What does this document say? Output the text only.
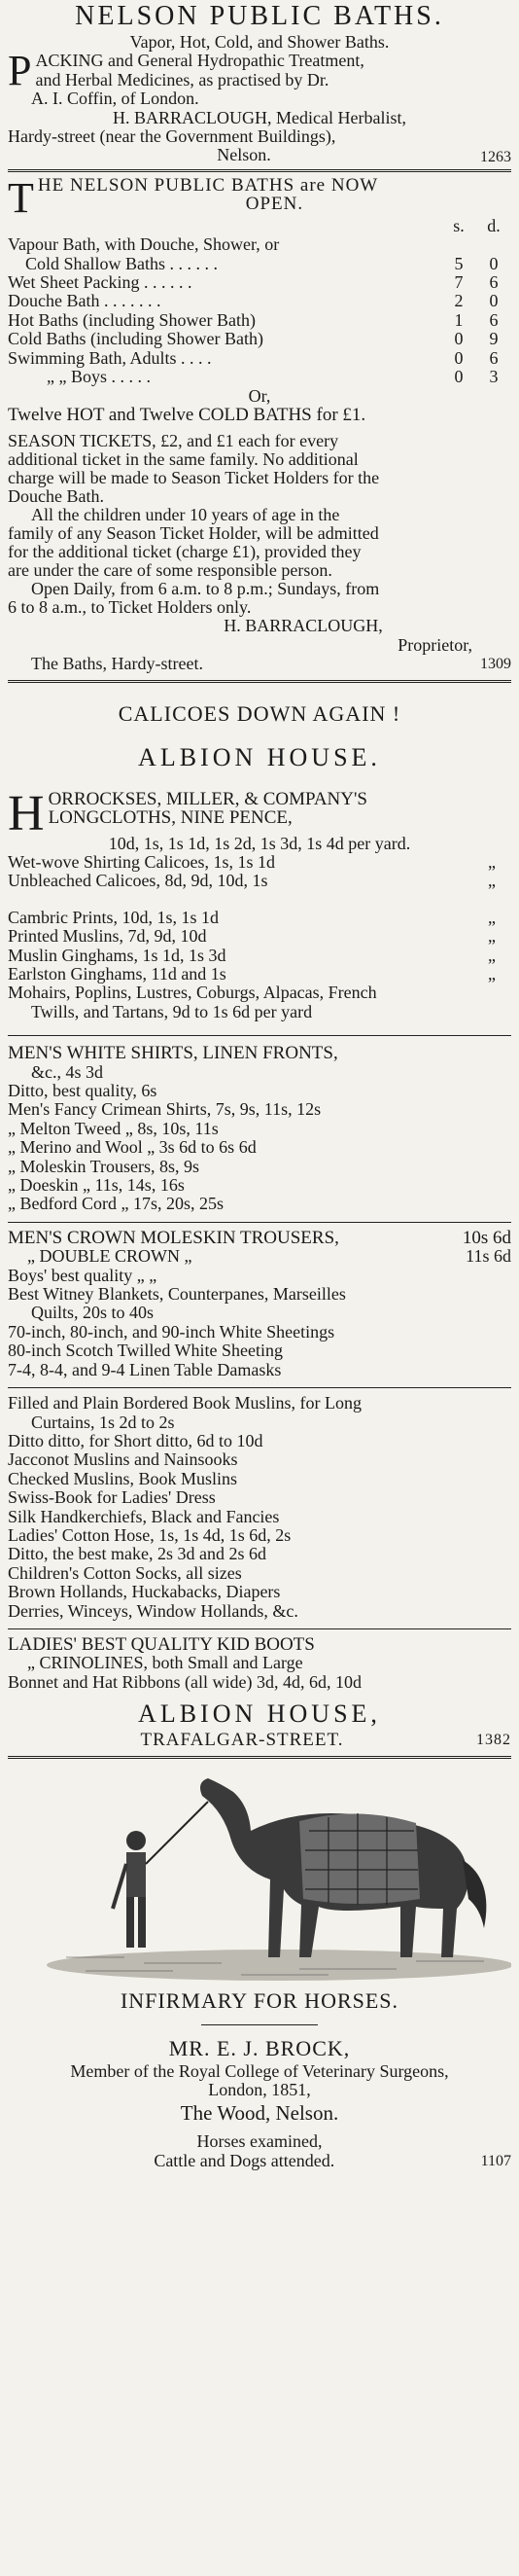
NELSON PUBLIC BATHS.
Vapor, Hot, Cold, and Shower Baths.
P ACKING and General Hydropathic Treatment,
and Herbal Medicines, as practised by Dr.
A. I. Coffin, of London.
H. BARRACLOUGH, Medical Herbalist,
Hardy-street (near the Government Buildings),
Nelson.	1263
T HE NELSON PUBLIC BATHS are NOW
OPEN.
s.	d.
Vapour Bath, with Douche, Shower, or
Cold Shallow Baths . . . . . .	5	0
Wet Sheet Packing . . . . . .	7	6
Douche Bath . . . . . . .	2	0
Hot Baths (including Shower Bath)	1	6
Cold Baths (including Shower Bath)	0	9
Swimming Bath, Adults . . . .	0	6
„ „ Boys . . . . .	0	3
Or,
Twelve HOT and Twelve COLD BATHS for £1.
SEASON TICKETS, £2, and £1 each for every
additional ticket in the same family. No additional
charge will be made to Season Ticket Holders for the
Douche Bath.
All the children under 10 years of age in the
family of any Season Ticket Holder, will be admitted
for the additional ticket (charge £1), provided they
are under the care of some responsible person.
Open Daily, from 6 a.m. to 8 p.m.; Sundays, from
6 to 8 a.m., to Ticket Holders only.
H. BARRACLOUGH,
Proprietor,
The Baths, Hardy-street.	1309
CALICOES DOWN AGAIN !
ALBION HOUSE.
H ORROCKSES, MILLER, & COMPANY'S
LONGCLOTHS, NINE PENCE,
10d, 1s, 1s 1d, 1s 2d, 1s 3d, 1s 4d per yard.
Wet-wove Shirting Calicoes, 1s, 1s 1d	„
Unbleached Calicoes, 8d, 9d, 10d, 1s	„
Cambric Prints, 10d, 1s, 1s 1d	„
Printed Muslins, 7d, 9d, 10d	„
Muslin Ginghams, 1s 1d, 1s 3d	„
Earlston Ginghams, 11d and 1s	„
Mohairs, Poplins, Lustres, Coburgs, Alpacas, French
Twills, and Tartans, 9d to 1s 6d per yard
MEN'S WHITE SHIRTS, LINEN FRONTS,
&c., 4s 3d
Ditto, best quality, 6s
Men's Fancy Crimean Shirts, 7s, 9s, 11s, 12s
„ Melton Tweed „ 8s, 10s, 11s
„ Merino and Wool „ 3s 6d to 6s 6d
„ Moleskin Trousers, 8s, 9s
„ Doeskin „ 11s, 14s, 16s
„ Bedford Cord „ 17s, 20s, 25s
MEN'S CROWN MOLESKIN TROUSERS,	10s 6d
„ DOUBLE CROWN „	11s 6d
Boys' best quality „ „
Best Witney Blankets, Counterpanes, Marseilles
Quilts, 20s to 40s
70-inch, 80-inch, and 90-inch White Sheetings
80-inch Scotch Twilled White Sheeting
7-4, 8-4, and 9-4 Linen Table Damasks
Filled and Plain Bordered Book Muslins, for Long
Curtains, 1s 2d to 2s
Ditto ditto, for Short ditto, 6d to 10d
Jacconot Muslins and Nainsooks
Checked Muslins, Book Muslins
Swiss-Book for Ladies' Dress
Silk Handkerchiefs, Black and Fancies
Ladies' Cotton Hose, 1s, 1s 4d, 1s 6d, 2s
Ditto, the best make, 2s 3d and 2s 6d
Children's Cotton Socks, all sizes
Brown Hollands, Huckabacks, Diapers
Derries, Winceys, Window Hollands, &c.
LADIES' BEST QUALITY KID BOOTS
„ CRINOLINES, both Small and Large
Bonnet and Hat Ribbons (all wide) 3d, 4d, 6d, 10d
ALBION HOUSE,
TRAFALGAR-STREET.	1382
INFIRMARY FOR HORSES.
MR. E. J. BROCK,
Member of the Royal College of Veterinary Surgeons,
London, 1851,
The Wood, Nelson.
Horses examined,
Cattle and Dogs attended.	1107
